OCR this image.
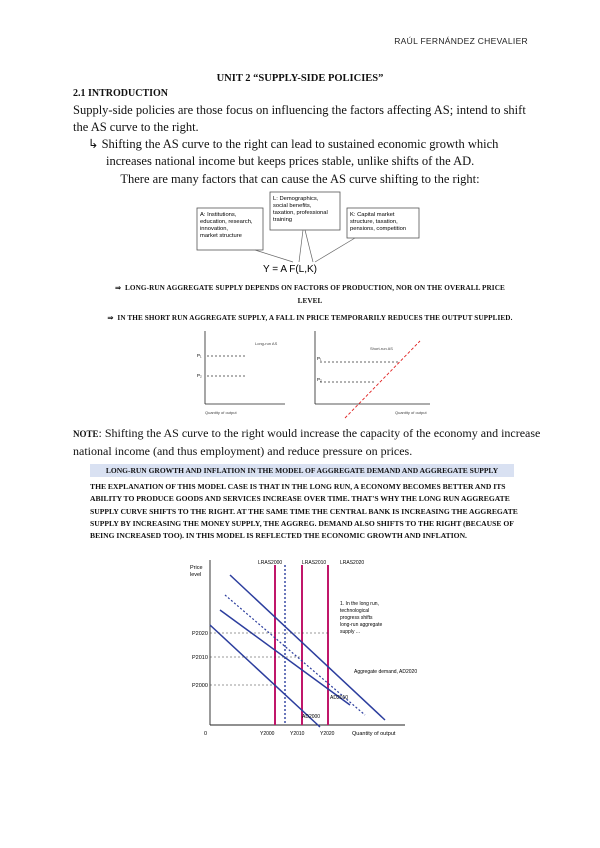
RAÚL FERNÁNDEZ CHEVALIER
UNIT 2 “SUPPLY-SIDE POLICIES”
2.1 INTRODUCTION
Supply-side policies are those focus on influencing the factors affecting AS; intend to shift the AS curve to the right.
↳ Shifting the AS curve to the right can lead to sustained economic growth which
increases national income but keeps prices stable, unlike shifts of the AD.
There are many factors that can cause the AS curve shifting to the right:
A: Institutions,
education, research,
innovation,
market structure
L: Demographics,
social benefits,
taxation, professional
training
K: Capital market
structure, taxation,
pensions, competition
Y = A F(L,K)
⇒ LONG-RUN AGGREGATE SUPPLY DEPENDS ON FACTORS OF PRODUCTION, NOR ON THE OVERALL PRICE
LEVEL
⇒ IN THE SHORT RUN AGGREGATE SUPPLY, A FALL IN PRICE TEMPORARILY REDUCES THE OUTPUT SUPPLIED.
P₁
P₂
Long-run AS
Quantity of output
P₁
P₂
Short-run AS
Quantity of output
NOTE: Shifting the AS curve to the right would increase the capacity of the economy and increase national income (and thus employment) and reduce pressure on prices.
LONG-RUN GROWTH AND INFLATION IN THE MODEL OF AGGREGATE DEMAND AND AGGREGATE SUPPLY
THE EXPLANATION OF THIS MODEL CASE IS THAT IN THE LONG RUN, A ECONOMY BECOMES BETTER AND ITS ABILITY TO PRODUCE GOODS AND SERVICES INCREASE OVER TIME. THAT'S WHY THE LONG RUN AGGREGATE SUPPLY CURVE SHIFTS TO THE RIGHT. AT THE SAME TIME THE CENTRAL BANK IS INCREASING THE AGGREGATE SUPPLY BY INCREASING THE MONEY SUPPLY, THE AGGREG. DEMAND ALSO SHIFTS TO THE RIGHT (BECAUSE OF BEING INCREASED TOO). IN THIS MODEL IS REFLECTED THE ECONOMIC GROWTH AND INFLATION.
Price
level
0	Quantity of output
LRAS2000	LRAS2010	LRAS2020
P2020
P2010
P2000
Y2000	Y2010	Y2020
1. In the long run,
technological
progress shifts
long-run aggregate
supply ...
Aggregate demand, AD2020
AD2010
AD2000
